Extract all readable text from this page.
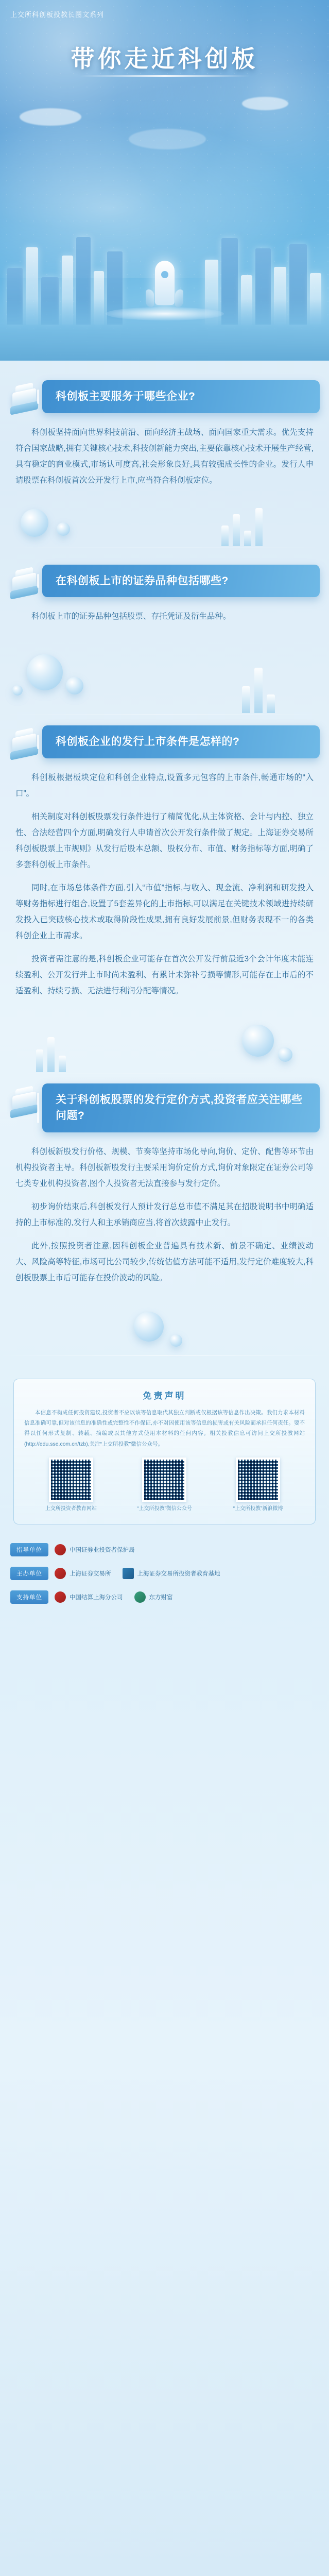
上交所科创板投教长图文系列
带你走近科创板
科创板主要服务于哪些企业?

科创板坚持面向世界科技前沿、面向经济主战场、面向国家重大需求。优先支持符合国家战略,拥有关键核心技术,科技创新能力突出,主要依靠核心技术开展生产经营,具有稳定的商业模式,市场认可度高,社会形象良好,具有较强成长性的企业。发行人申请股票在科创板首次公开发行上市,应当符合科创板定位。

在科创板上市的证券品种包括哪些?

科创板上市的证券品种包括股票、存托凭证及衍生品种。

科创板企业的发行上市条件是怎样的?

科创板根据板块定位和科创企业特点,设置多元包容的上市条件,畅通市场的“入口”。

相关制度对科创板股票发行条件进行了精简优化,从主体资格、会计与内控、独立性、合法经营四个方面,明确发行人申请首次公开发行条件做了规定。上海证券交易所科创板股票上市规则》从发行后股本总额、股权分布、市值、财务指标等方面,明确了多套科创板上市条件。

同时,在市场总体条件方面,引入“市值”指标,与收入、现金流、净利润和研发投入等财务指标进行组合,设置了5套差异化的上市指标,可以满足在关键技术领域进持续研发投入已突破核心技术或取得阶段性成果,拥有良好发展前景,但财务表现不一的各类科创企业上市需求。

投资者需注意的是,科创板企业可能存在首次公开发行前最近3个会计年度未能连续盈利、公开发行并上市时尚未盈利、有累计未弥补亏损等情形,可能存在上市后的不适盈利、持续亏损、无法进行利润分配等情况。

关于科创板股票的发行定价方式,投资者应关注哪些问题?

科创板新股发行价格、规模、节奏等坚持市场化导向,询价、定价、配售等环节由机构投资者主导。科创板新股发行主要采用询价定价方式,询价对象限定在证券公司等七类专业机构投资者,图个人投资者无法直接参与发行定价。

初步询价结束后,科创板发行人预计发行总总市值不满足其在招股说明书中明确适持的上市标准的,发行人和主承销商应当,将首次披露中止发行。

此外,按照投资者注意,因科创板企业普遍具有技术新、前景不确定、业绩波动大、风险高等特征,市场可比公司较少,传统估值方法可能不适用,发行定价难度较大,科创板股票上市后可能存在投价波动的风险。

免责声明

本信息不构成任何投资建议,投资者不应以该等信息取代其独立判断或仅根据该等信息作出决策。我们力求本材料信息准确可靠,但对该信息的准确性或完整性不作保证,亦不对因使用该等信息的损害或有关风险而承担任何责任。要不得以任何形式复制、转载、摘编或以其他方式使用本材料的任何内容。相关投教信息可访问上交所投教网站(http://edu.sse.com.cn/tzb),关注“上交所投教”微信公众号。

上交所投资者教育网站	“上交所投教”微信公众号	“上交所投教”新浪微博
指导单位	中国证券业投资者保护局
主办单位	上海证券交易所	上海证券交易所投资者教育基地
支持单位	中国结算上海分公司	东方财富
